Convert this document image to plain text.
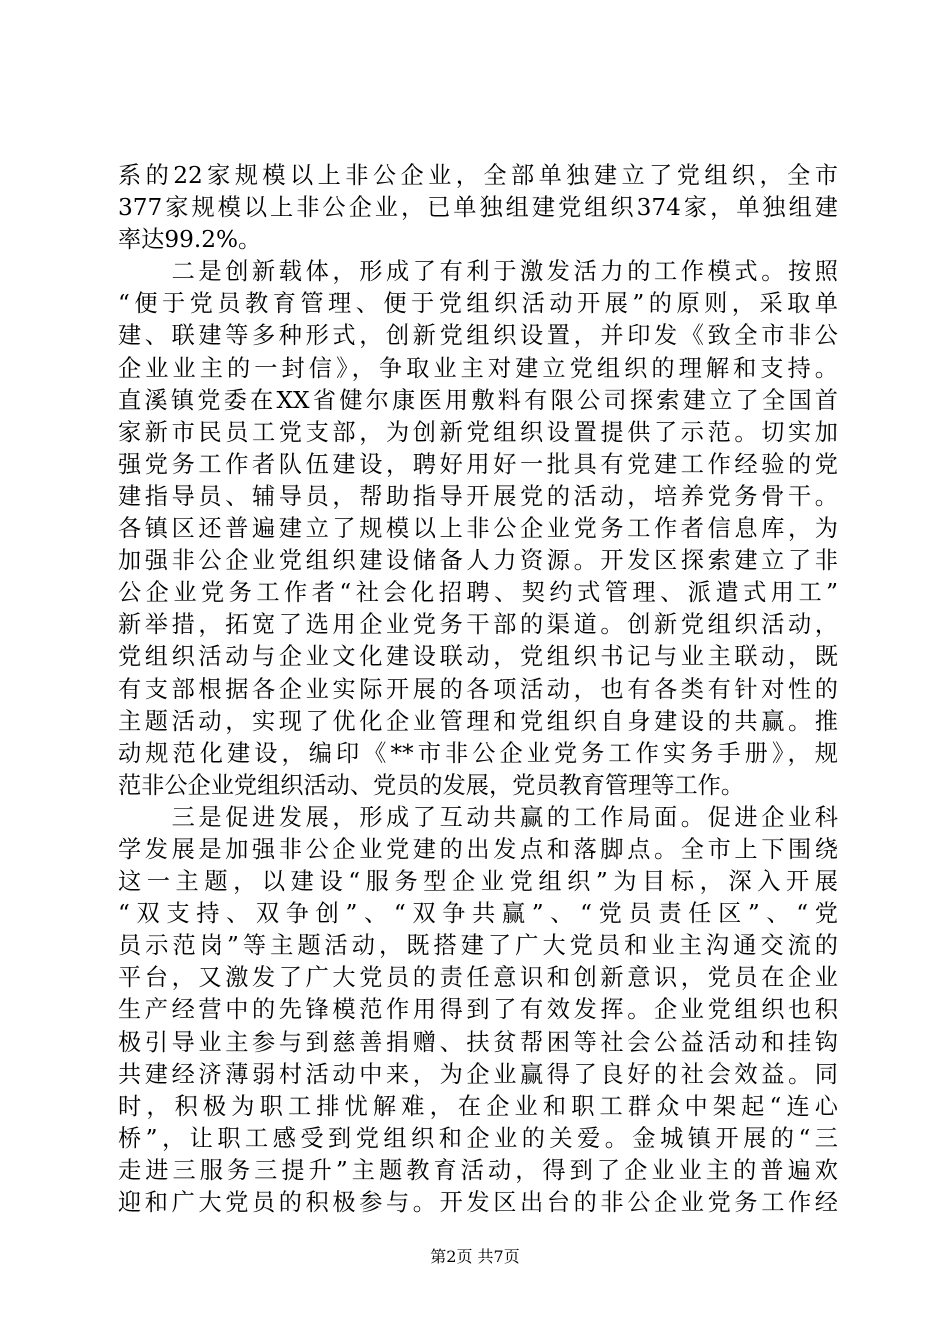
系的22家规模以上非公企业，全部单独建立了党组织，全市
377家规模以上非公企业，已单独组建党组织374家，单独组建
率达99.2%。
　　二是创新载体，形成了有利于激发活力的工作模式。按照
“便于党员教育管理、便于党组织活动开展”的原则，采取单
建、联建等多种形式，创新党组织设置，并印发《致全市非公
企业业主的一封信》，争取业主对建立党组织的理解和支持。
直溪镇党委在XX省健尔康医用敷料有限公司探索建立了全国首
家新市民员工党支部，为创新党组织设置提供了示范。切实加
强党务工作者队伍建设，聘好用好一批具有党建工作经验的党
建指导员、辅导员，帮助指导开展党的活动，培养党务骨干。
各镇区还普遍建立了规模以上非公企业党务工作者信息库，为
加强非公企业党组织建设储备人力资源。开发区探索建立了非
公企业党务工作者“社会化招聘、契约式管理、派遣式用工”
新举措，拓宽了选用企业党务干部的渠道。创新党组织活动，
党组织活动与企业文化建设联动，党组织书记与业主联动，既
有支部根据各企业实际开展的各项活动，也有各类有针对性的
主题活动，实现了优化企业管理和党组织自身建设的共赢。推
动规范化建设，编印《**市非公企业党务工作实务手册》，规
范非公企业党组织活动、党员的发展，党员教育管理等工作。
　　三是促进发展，形成了互动共赢的工作局面。促进企业科
学发展是加强非公企业党建的出发点和落脚点。全市上下围绕
这一主题，以建设“服务型企业党组织”为目标，深入开展
“双支持、双争创”、“双争共赢”、“党员责任区”、“党
员示范岗”等主题活动，既搭建了广大党员和业主沟通交流的
平台，又激发了广大党员的责任意识和创新意识，党员在企业
生产经营中的先锋模范作用得到了有效发挥。企业党组织也积
极引导业主参与到慈善捐赠、扶贫帮困等社会公益活动和挂钩
共建经济薄弱村活动中来，为企业赢得了良好的社会效益。同
时，积极为职工排忧解难，在企业和职工群众中架起“连心
桥”，让职工感受到党组织和企业的关爱。金城镇开展的“三
走进三服务三提升”主题教育活动，得到了企业业主的普遍欢
迎和广大党员的积极参与。开发区出台的非公企业党务工作经
第2页 共7页
